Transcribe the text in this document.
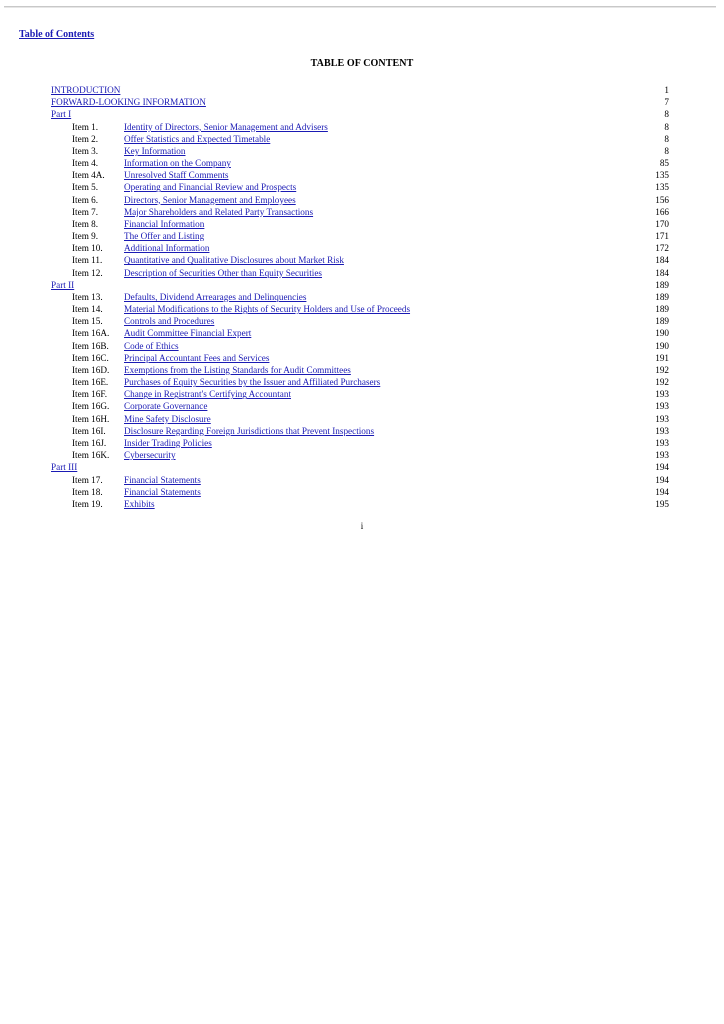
Table of Contents
TABLE OF CONTENT
INTRODUCTION	1
FORWARD-LOOKING INFORMATION	7
Part I	8
Item 1.	Identity of Directors, Senior Management and Advisers	8
Item 2.	Offer Statistics and Expected Timetable	8
Item 3.	Key Information	8
Item 4.	Information on the Company	85
Item 4A. Unresolved Staff Comments	135
Item 5.	Operating and Financial Review and Prospects	135
Item 6.	Directors, Senior Management and Employees	156
Item 7.	Major Shareholders and Related Party Transactions	166
Item 8.	Financial Information	170
Item 9.	The Offer and Listing	171
Item 10. Additional Information	172
Item 11. Quantitative and Qualitative Disclosures about Market Risk	184
Item 12. Description of Securities Other than Equity Securities	184
Part II	189
Item 13. Defaults, Dividend Arrearages and Delinquencies	189
Item 14. Material Modifications to the Rights of Security Holders and Use of Proceeds	189
Item 15. Controls and Procedures	189
Item 16A. Audit Committee Financial Expert	190
Item 16B. Code of Ethics	190
Item 16C. Principal Accountant Fees and Services	191
Item 16D. Exemptions from the Listing Standards for Audit Committees	192
Item 16E. Purchases of Equity Securities by the Issuer and Affiliated Purchasers	192
Item 16F. Change in Registrant's Certifying Accountant	193
Item 16G. Corporate Governance	193
Item 16H. Mine Safety Disclosure	193
Item 16I. Disclosure Regarding Foreign Jurisdictions that Prevent Inspections	193
Item 16J. Insider Trading Policies	193
Item 16K. Cybersecurity	193
Part III	194
Item 17. Financial Statements	194
Item 18. Financial Statements	194
Item 19. Exhibits	195
i
